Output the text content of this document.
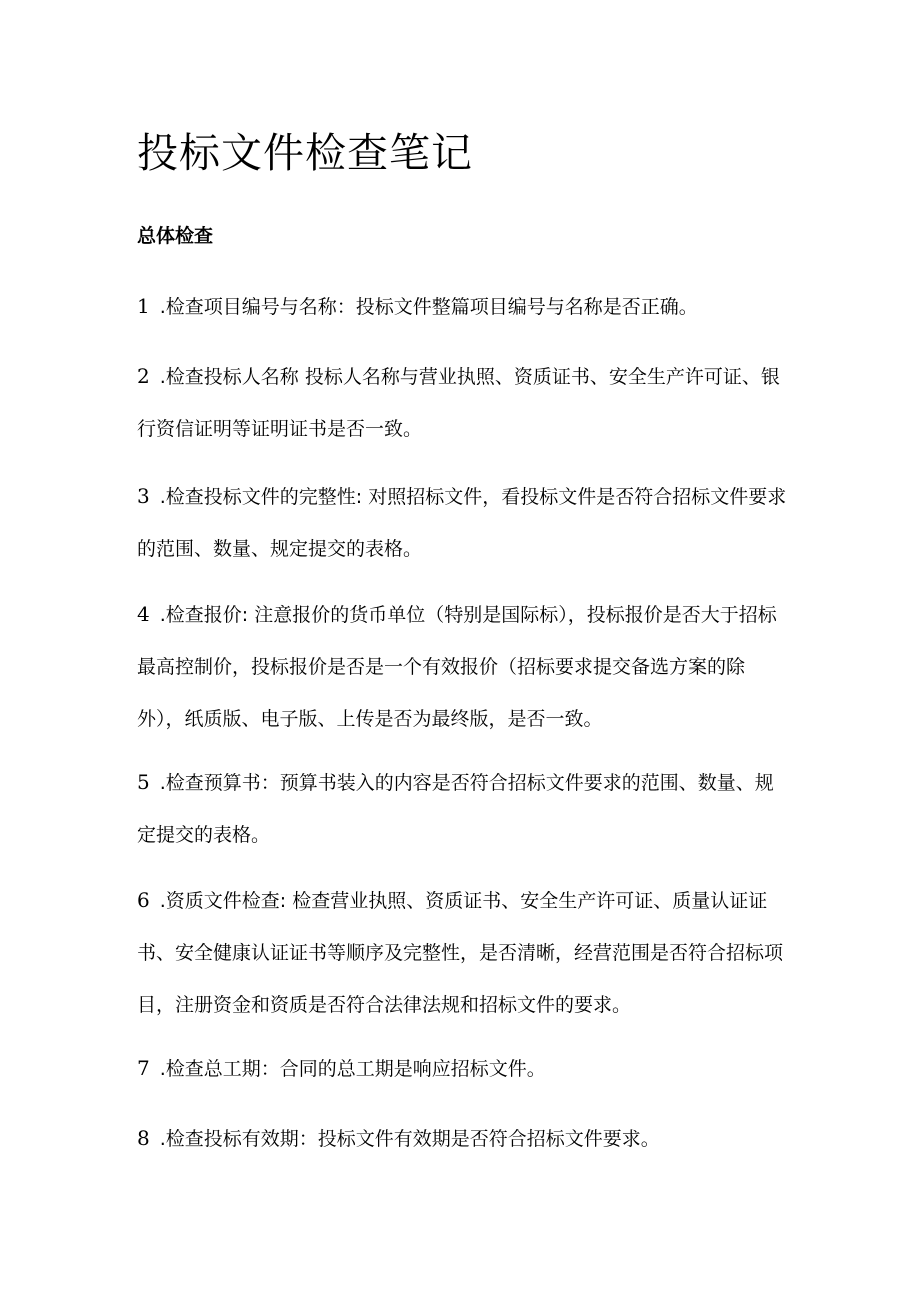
投标文件检查笔记
总体检查

1 .检查项目编号与名称：投标文件整篇项目编号与名称是否正确。

2 .检查投标人名称 投标人名称与营业执照、资质证书、安全生产许可证、银行资信证明等证明证书是否一致。

3 .检查投标文件的完整性: 对照招标文件，看投标文件是否符合招标文件要求的范围、数量、规定提交的表格。

4 .检查报价: 注意报价的货币单位（特别是国际标），投标报价是否大于招标最高控制价，投标报价是否是一个有效报价（招标要求提交备选方案的除外），纸质版、电子版、上传是否为最终版，是否一致。

5 .检查预算书：预算书装入的内容是否符合招标文件要求的范围、数量、规定提交的表格。

6 .资质文件检查: 检查营业执照、资质证书、安全生产许可证、质量认证证书、安全健康认证证书等顺序及完整性，是否清晰，经营范围是否符合招标项目，注册资金和资质是否符合法律法规和招标文件的要求。

7 .检查总工期：合同的总工期是响应招标文件。

8 .检查投标有效期：投标文件有效期是否符合招标文件要求。
